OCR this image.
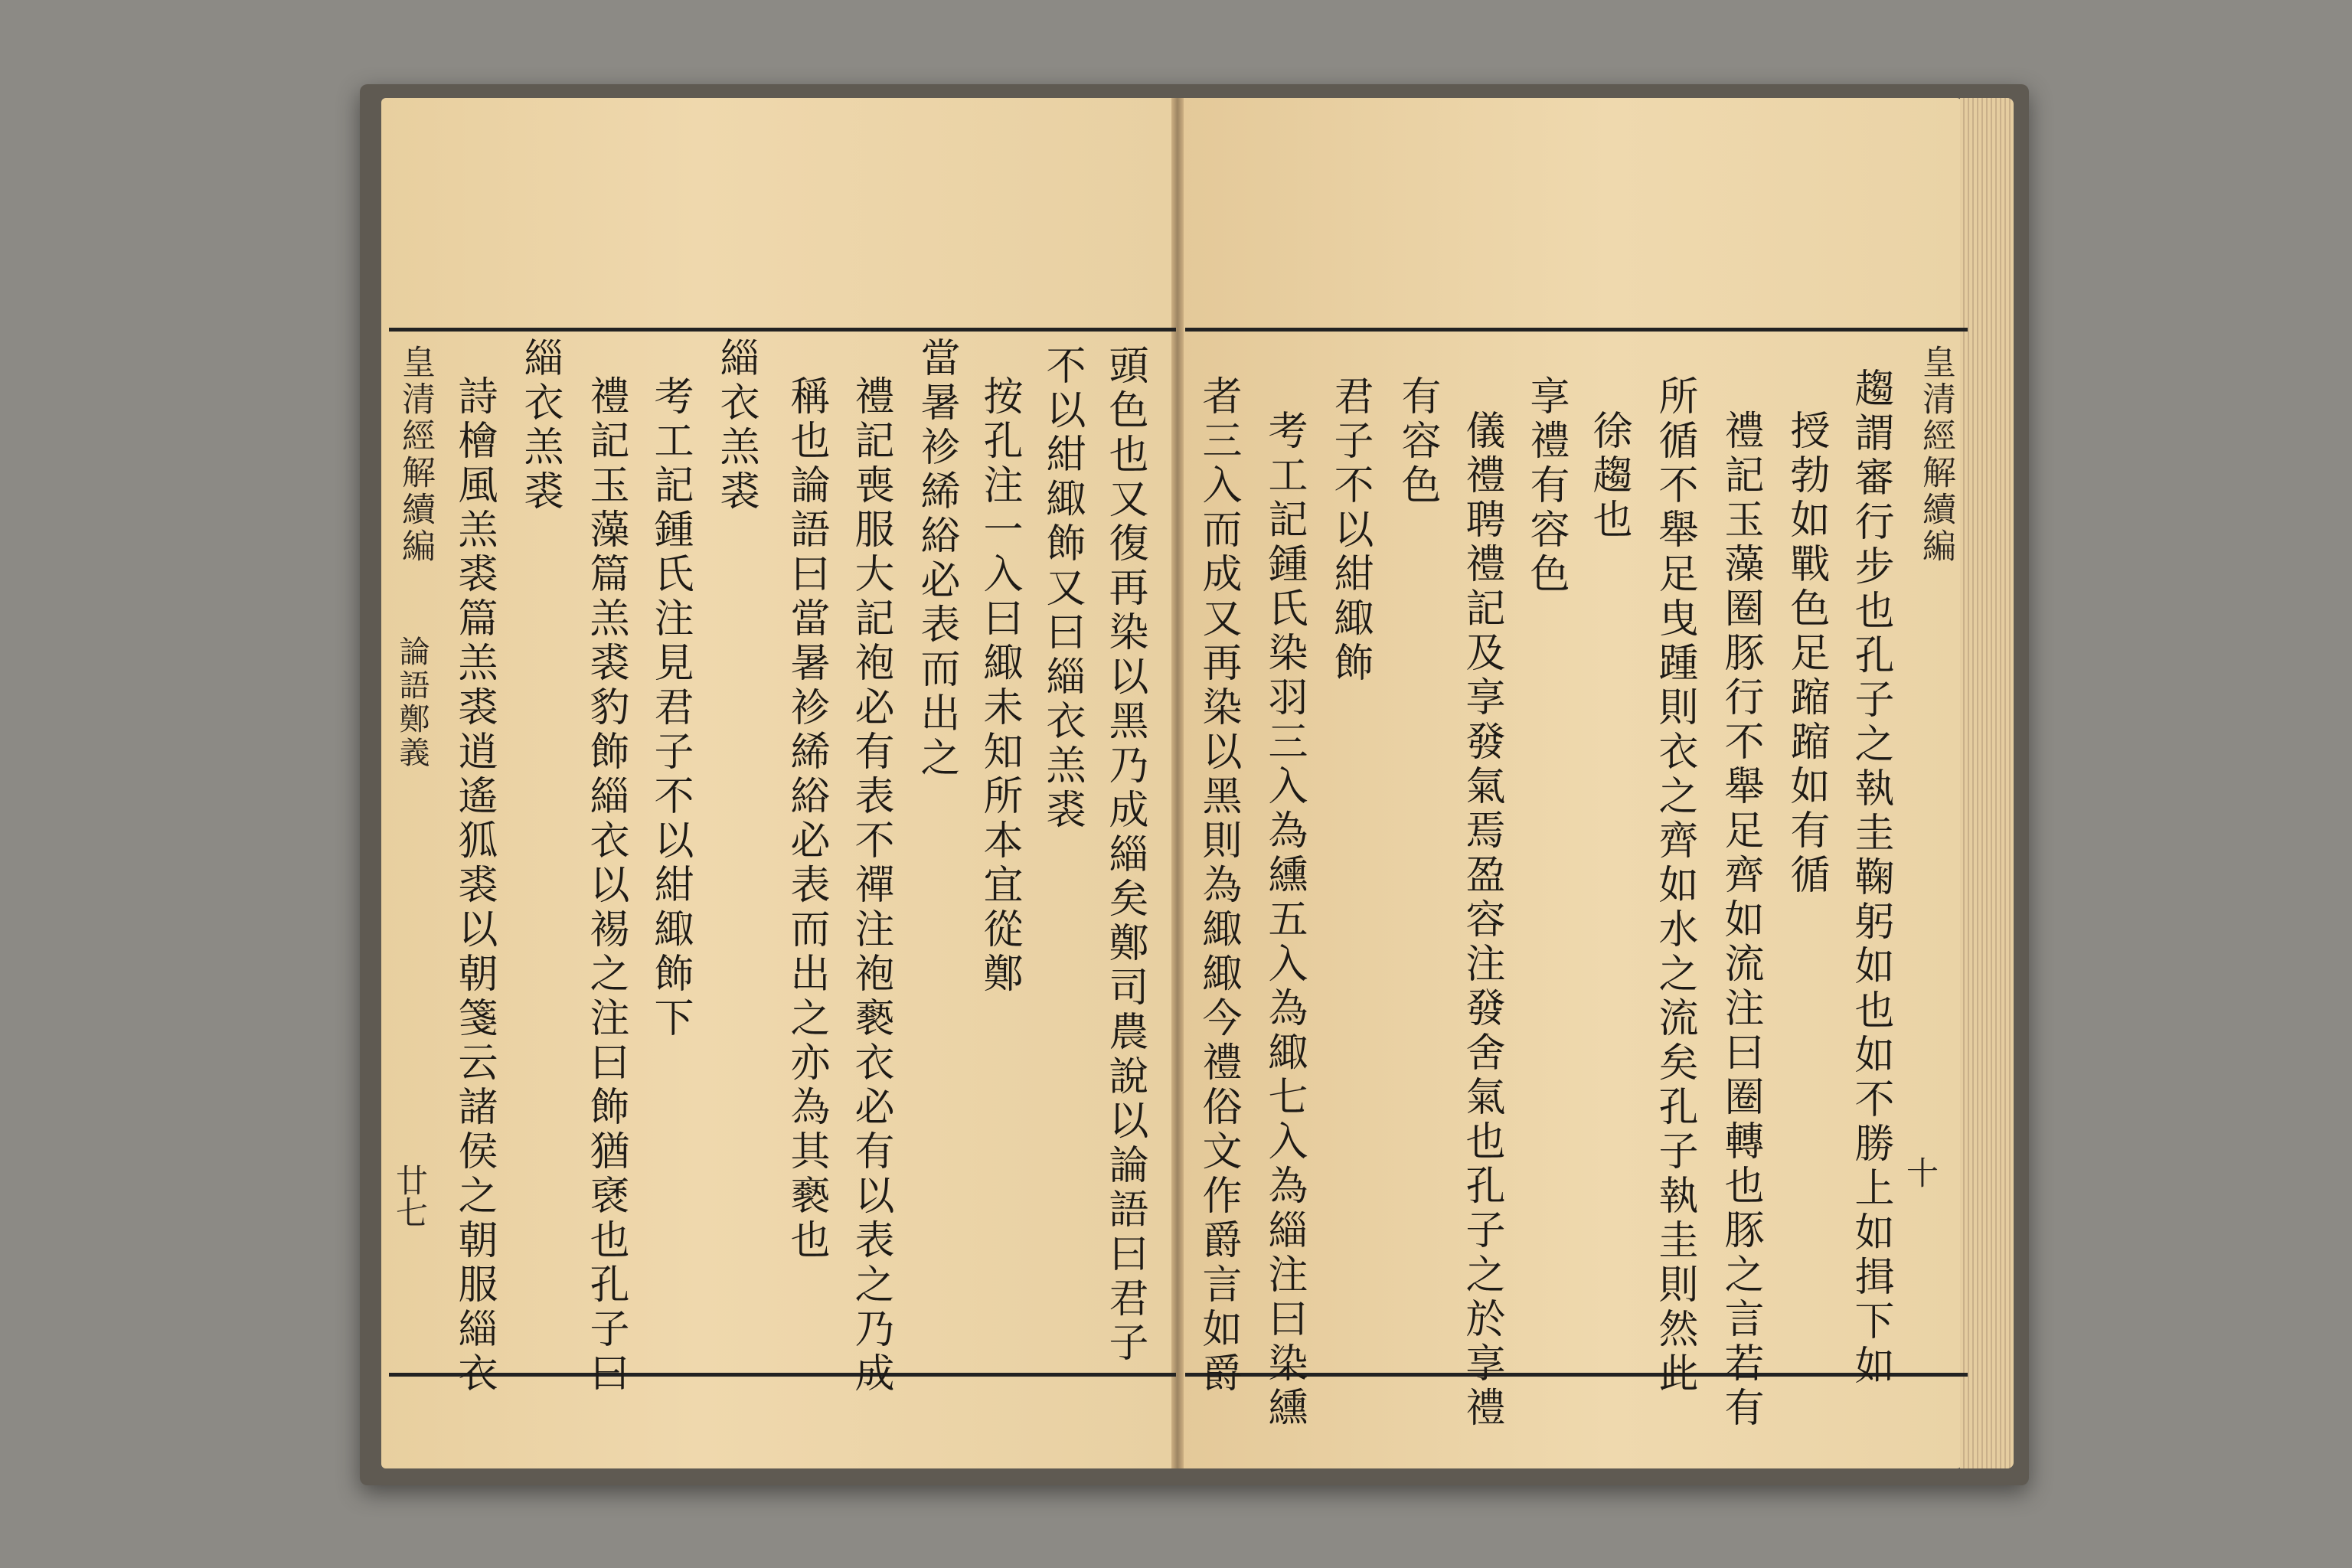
皇清經解續編
論語鄭義
廿七	頭色也又復再染以黑乃成緇矣鄭司農說以論語曰君子
不以紺緅飾又曰緇衣羔裘
按孔注一入曰緅未知所本宜從鄭
當暑袗絺綌必表而出之
禮記喪服大記袍必有表不禪注袍褻衣必有以表之乃成
稱也論語曰當暑袗絺綌必表而出之亦為其褻也
緇衣羔裘
考工記鍾氏注見君子不以紺緅飾下
禮記玉藻篇羔裘豹飾緇衣以裼之注曰飾猶褎也孔子曰
緇衣羔裘
詩檜風羔裘篇羔裘逍遙狐裘以朝箋云諸侯之朝服緇衣	皇清經解續編
十
趨謂審行步也孔子之執圭鞠躬如也如不勝上如揖下如
授勃如戰色足蹜蹜如有循
禮記玉藻圈豚行不舉足齊如流注曰圈轉也豚之言若有
所循不舉足曳踵則衣之齊如水之流矣孔子執圭則然此
徐趨也
享禮有容色
儀禮聘禮記及享發氣焉盈容注發舍氣也孔子之於享禮
有容色
君子不以紺緅飾
考工記鍾氏染羽三入為纁五入為緅七入為緇注曰染纁
者三入而成又再染以黑則為緅緅今禮俗文作爵言如爵
